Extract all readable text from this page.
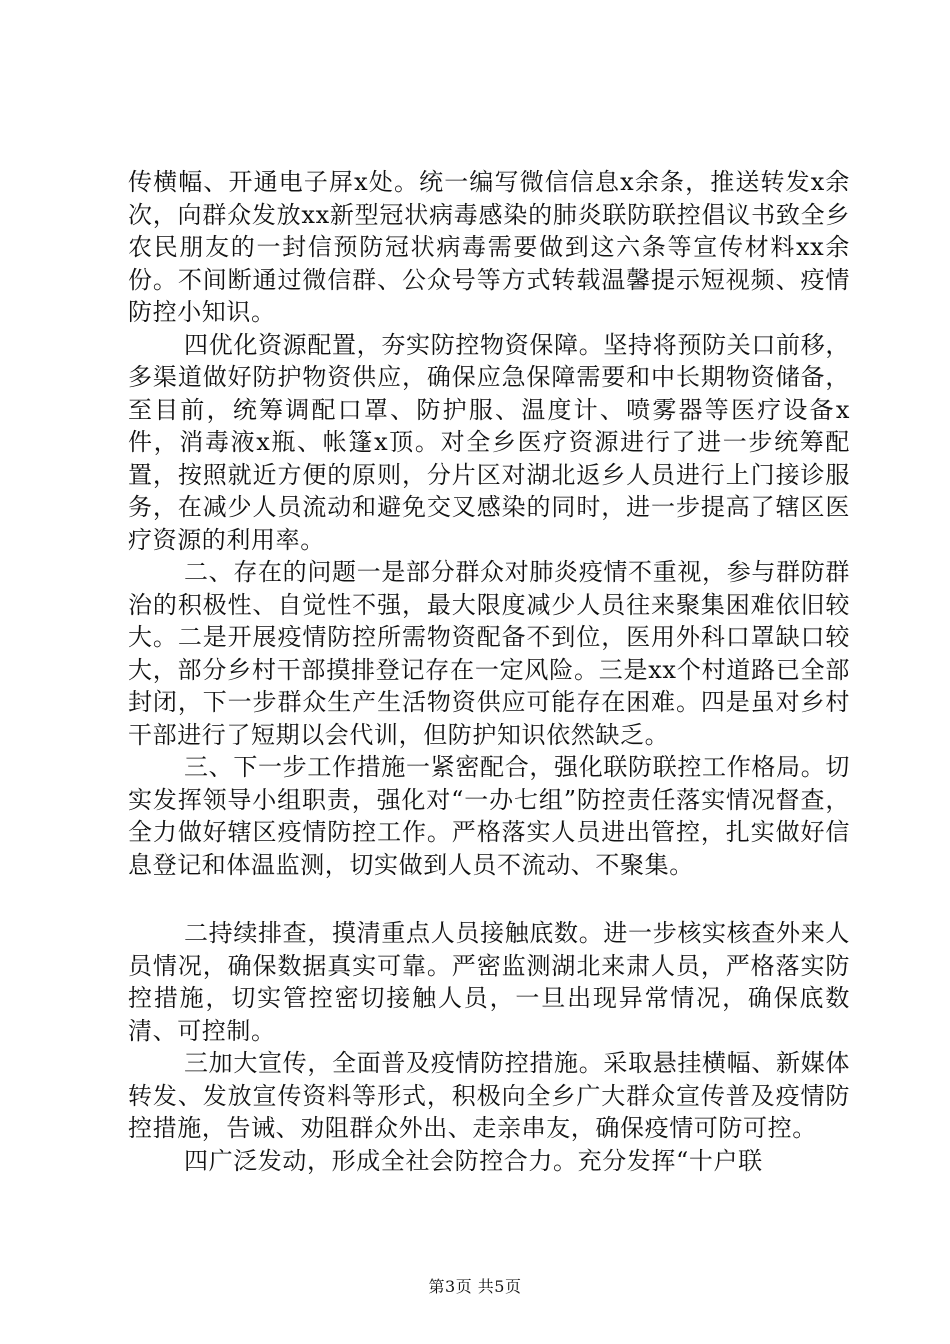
传横幅、开通电子屏x处。统一编写微信信息x余条，推送转发x余次，向群众发放xx新型冠状病毒感染的肺炎联防联控倡议书致全乡农民朋友的一封信预防冠状病毒需要做到这六条等宣传材料xx余份。不间断通过微信群、公众号等方式转载温馨提示短视频、疫情防控小知识。

四优化资源配置，夯实防控物资保障。坚持将预防关口前移，多渠道做好防护物资供应，确保应急保障需要和中长期物资储备，至目前，统筹调配口罩、防护服、温度计、喷雾器等医疗设备x件，消毒液x瓶、帐篷x顶。对全乡医疗资源进行了进一步统筹配置，按照就近方便的原则，分片区对湖北返乡人员进行上门接诊服务，在减少人员流动和避免交叉感染的同时，进一步提高了辖区医疗资源的利用率。

二、存在的问题一是部分群众对肺炎疫情不重视，参与群防群治的积极性、自觉性不强，最大限度减少人员往来聚集困难依旧较大。二是开展疫情防控所需物资配备不到位，医用外科口罩缺口较大，部分乡村干部摸排登记存在一定风险。三是xx个村道路已全部封闭，下一步群众生产生活物资供应可能存在困难。四是虽对乡村干部进行了短期以会代训，但防护知识依然缺乏。

三、下一步工作措施一紧密配合，强化联防联控工作格局。切实发挥领导小组职责，强化对“一办七组”防控责任落实情况督查，全力做好辖区疫情防控工作。严格落实人员进出管控，扎实做好信息登记和体温监测，切实做到人员不流动、不聚集。

二持续排查，摸清重点人员接触底数。进一步核实核查外来人员情况，确保数据真实可靠。严密监测湖北来肃人员，严格落实防控措施，切实管控密切接触人员，一旦出现异常情况，确保底数清、可控制。

三加大宣传，全面普及疫情防控措施。采取悬挂横幅、新媒体转发、发放宣传资料等形式，积极向全乡广大群众宣传普及疫情防控措施，告诫、劝阻群众外出、走亲串友，确保疫情可防可控。

四广泛发动，形成全社会防控合力。充分发挥“十户联

第3页 共5页
